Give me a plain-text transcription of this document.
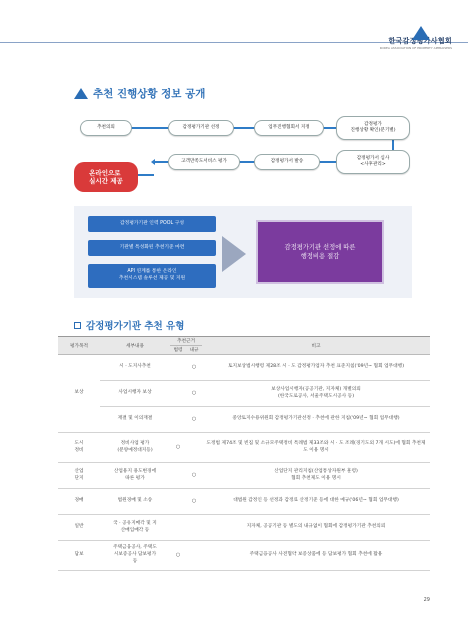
한국감정평가사협회
KOREA ASSOCIATION OF PROPERTY APPRAISERS
추천 진행상황 정보 공개
추천의뢰	감정평가기관 선정	업무진행협회서 지정
감정평가
진행상황 확인(분기별)
고객만족도서비스 평가	감정평가서 발송
감정평가서 심사
<사후관리>
온라인으로
실시간 제공
감정평가기관 인력 POOL 구성
기관별 특성화된 추천기준 마련
API 연계를 통한 온라인
추천시스템 솔루션 제공 및 지원
감정평가기관 선정에 따른
행정비용 절감
감정평가기관 추천 유형
평가목적	세부내용	추천근거		비고
		법령	내규	
보상	시 · 도지사추천		○	토지보상법시행령 제28조 시 · 도 감정평가업자 추천 표준지침('09년~ 협회 업무대행)
	사업시행자 보상		○	보상사업시행자(공공기관, 지자체) 개별의뢰
(한국도로공사, 서울주택도시공사 등)
	재결 및 이의재결		○	중앙토지수용위원회 감정평가기관선정 · 추천에 관한 지침('09년~ 협회 업무대행)
도시
정비	정비사업 평가
(분양예정대지등)	○		도정법 제74조 및 빈집 및 소규모주택정비 특례법 제33조와 시 · 도 조례(경기도외 7개 시도)에 협회 추천제도 이용 명시
산업
단지	산업용지 용도변경에
따른 평가		○	산업단지 관리지침(산업통상자원부 훈령)
협회 추천제도 이용 명시
경매	법원경매 및 소송		○	대법원 감정인 등 선정과 감정료 산정기준 등에 대한 예규('06년~ 협회 업무대행)
일반	국 · 공유지매각 및 지
산매입매각 등			지자체, 공공기관 등 별도의 내규없이 협회에 감정평가기관 추천의뢰
담보	주택금융공사, 주택도
시보증공사 담보평가
등	○		주택금융공사 사전협약 보증상품에 등 담보평가 협회 추천에 활용
29
